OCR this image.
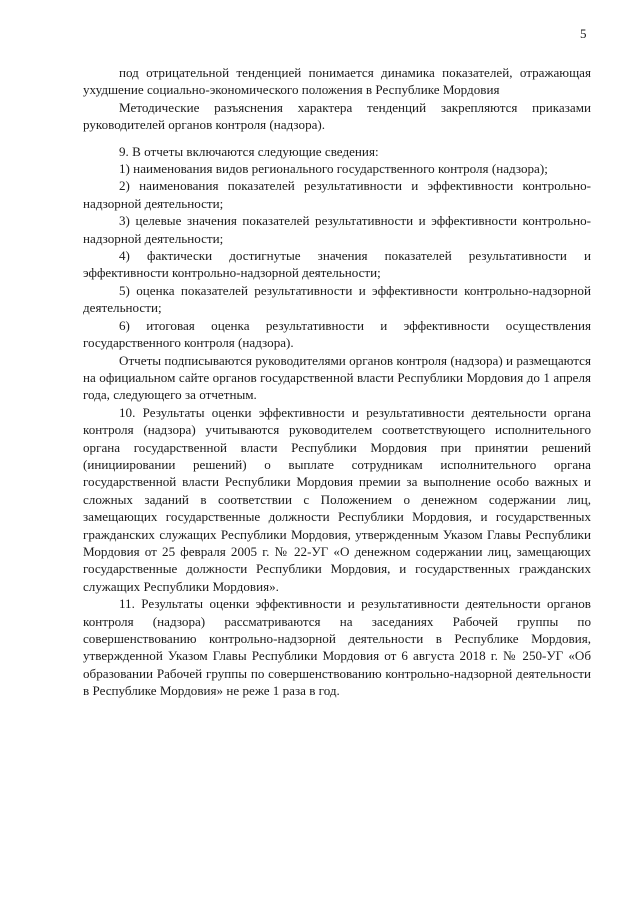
5

под отрицательной тенденцией понимается динамика показателей, отражающая ухудшение социально-экономического положения в Республике Мордовия

Методические разъяснения характера тенденций закрепляются приказами руководителей органов контроля (надзора).

9. В отчеты включаются следующие сведения:

1) наименования видов регионального государственного контроля (надзора);

2) наименования показателей результативности и эффективности контрольно-надзорной деятельности;

3) целевые значения показателей результативности и эффективности контрольно-надзорной деятельности;

4) фактически достигнутые значения показателей результативности и эффективности контрольно-надзорной деятельности;

5) оценка показателей результативности и эффективности контрольно-надзорной деятельности;

6) итоговая оценка результативности и эффективности осуществления государственного контроля (надзора).

Отчеты подписываются руководителями органов контроля (надзора) и размещаются на официальном сайте органов государственной власти Республики Мордовия до 1 апреля года, следующего за отчетным.

10. Результаты оценки эффективности и результативности деятельности органа контроля (надзора) учитываются руководителем соответствующего исполнительного органа государственной власти Республики Мордовия при принятии решений (инициировании решений) о выплате сотрудникам исполнительного органа государственной власти Республики Мордовия премии за выполнение особо важных и сложных заданий в соответствии с Положением о денежном содержании лиц, замещающих государственные должности Республики Мордовия, и государственных гражданских служащих Республики Мордовия, утвержденным Указом Главы Республики Мордовия от 25 февраля 2005 г. № 22-УГ «О денежном содержании лиц, замещающих государственные должности Республики Мордовия, и государственных гражданских служащих Республики Мордовия».

11. Результаты оценки эффективности и результативности деятельности органов контроля (надзора) рассматриваются на заседаниях Рабочей группы по совершенствованию контрольно-надзорной деятельности в Республике Мордовия, утвержденной Указом Главы Республики Мордовия от 6 августа 2018 г. № 250-УГ «Об образовании Рабочей группы по совершенствованию контрольно-надзорной деятельности в Республике Мордовия» не реже 1 раза в год.
